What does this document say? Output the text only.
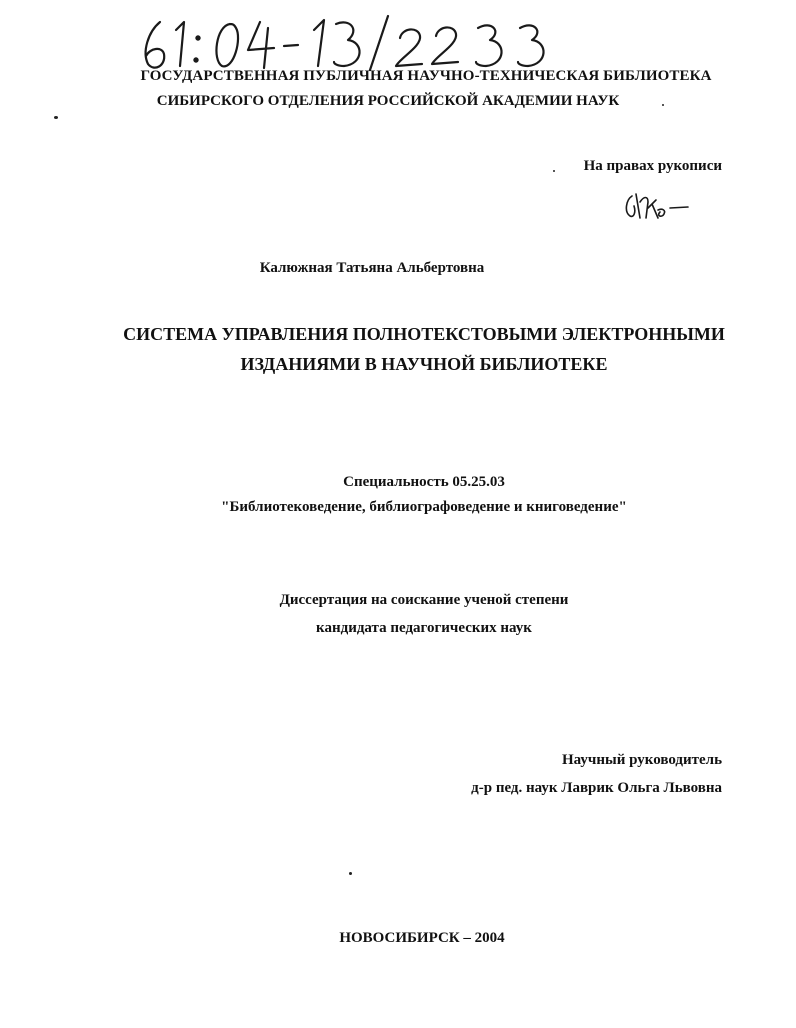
ГОСУДАРСТВЕННАЯ ПУБЛИЧНАЯ НАУЧНО-ТЕХНИЧЕСКАЯ БИБЛИОТЕКА
СИБИРСКОГО ОТДЕЛЕНИЯ РОССИЙСКОЙ АКАДЕМИИ НАУК
На правах рукописи
Калюжная Татьяна Альбертовна
СИСТЕМА УПРАВЛЕНИЯ ПОЛНОТЕКСТОВЫМИ ЭЛЕКТРОННЫМИ
ИЗДАНИЯМИ В НАУЧНОЙ БИБЛИОТЕКЕ
Специальность 05.25.03
"Библиотековедение, библиографоведение и книговедение"
Диссертация на соискание ученой степени
кандидата педагогических наук
Научный руководитель
д-р пед. наук Лаврик Ольга Львовна
НОВОСИБИРСК – 2004
